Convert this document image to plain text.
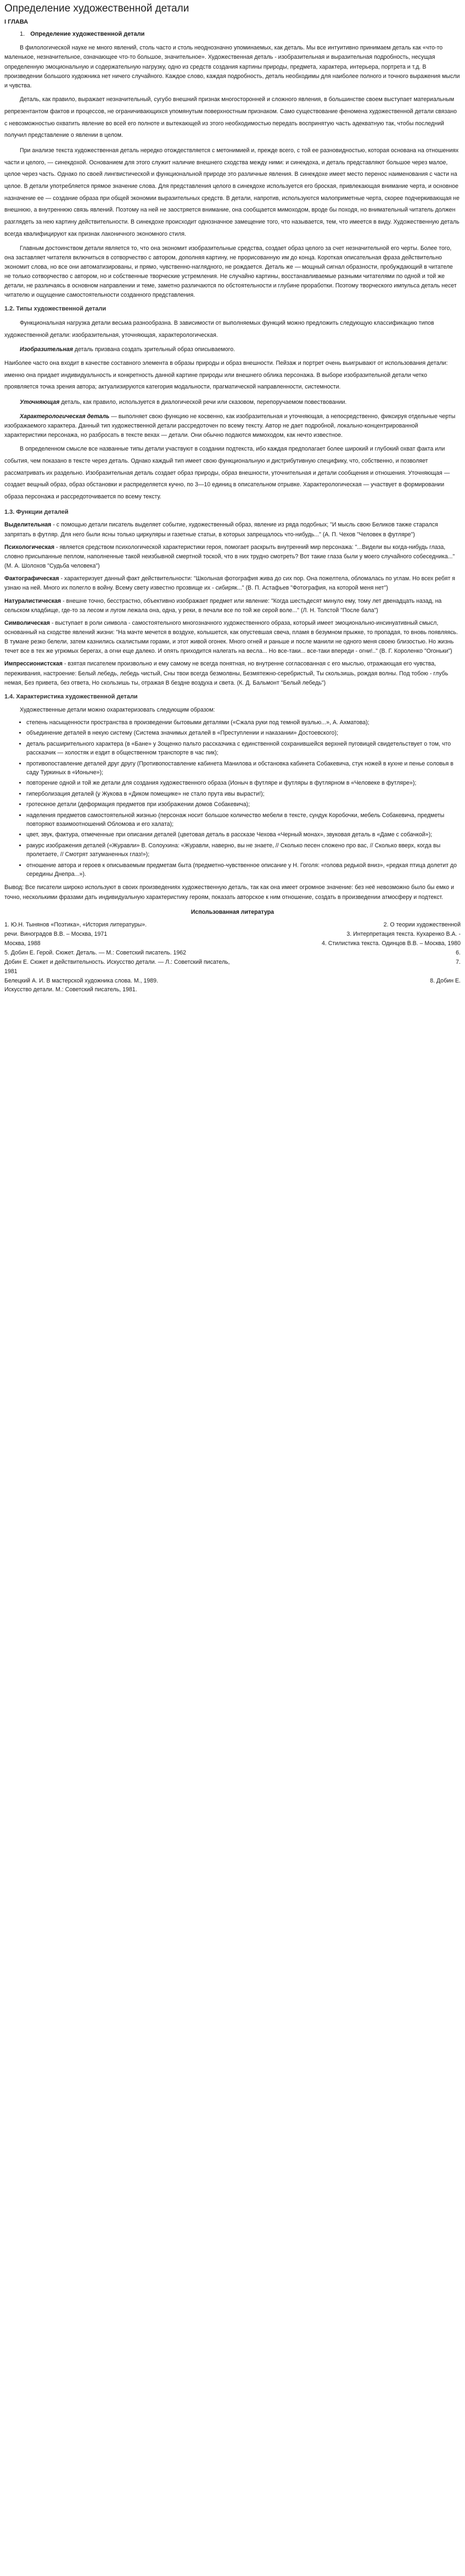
Определение художественной детали
I ГЛАВА
1. Определение художественной детали

В филологической науке не много явлений, столь часто и столь неоднозначно упоминаемых, как деталь. Мы все интуитивно принимаем деталь как «что-то маленькое, незначительное, означающее что-то большое, значительное». Художественная деталь - изобразительная и выразительная подробность, несущая определенную эмоциональную и содержательную нагрузку, одно из средств создания картины природы, предмета, характера, интерьера, портрета и т.д. В произведении большого художника нет ничего случайного. Каждое слово, каждая подробность, деталь необходимы для наиболее полного и точного выражения мысли и чувства.

Деталь, как правило, выражает незначительный, сугубо внешний признак многосторонней и сложного явления, в большинстве своем выступает материальным репрезентантом фактов и процессов, не ограничивающихся упомянутым поверхностным признаком. Само существование феномена художественной детали связано с невозможностью охватить явление во всей его полноте и вытекающей из этого необходимостью передать воспринятую часть адекватную так, чтобы последний получил представление о явлении в целом.

При анализе текста художественная деталь нередко отождествляется с метонимией и, прежде всего, с той ее разновидностью, которая основана на отношениях части и целого, — синекдохой. Основанием для этого служит наличие внешнего сходства между ними: и синекдоха, и деталь представляют большое через малое, целое через часть. Однако по своей лингвистической и функциональной природе это различные явления. В синекдохе имеет место перенос наименования с части на целое. В детали употребляется прямое значение слова. Для представления целого в синекдохе используется его броская, привлекающая внимание черта, и основное назначение ее — создание образа при общей экономии выразительных средств. В детали, напротив, используются малоприметные черта, скорее подчеркивающая не внешнюю, а внутреннюю связь явлений. Поэтому на ней не заостряется внимание, она сообщается мимоходом, вроде бы походя, но внимательный читатель должен разглядеть за нею картину действительности. В синекдохе происходит однозначное замещение того, что называется, тем, что имеется в виду. Художественную деталь всегда квалифицируют как признак лаконичного экономного стиля.

Главным достоинством детали является то, что она экономит изобразительные средства, создает образ целого за счет незначительной его черты. Более того, она заставляет читателя включиться в сотворчество с автором, дополняя картину, не прорисованную им до конца. Короткая описательная фраза действительно экономит слова, но все они автоматизированы, и прямо, чувственно-наглядного, не рождается. Деталь же — мощный сигнал образности, пробуждающий в читателе не только сотворчество с автором, но и собственные творческие устремления. Не случайно картины, восстанавливаемые разными читателями по одной и той же детали, не различаясь в основном направлении и теме, заметно различаются по обстоятельности и глубине проработки. Поэтому творческого импульса деталь несет читателю и ощущение самостоятельности созданного представления.

1.2. Типы художественной детали

Функциональная нагрузка детали весьма разнообразна. В зависимости от выполняемых функций можно предложить следующую классификацию типов художественной детали: изобразительная, уточняющая, характерологическая.

Изобразительная деталь призвана создать зрительный образ описываемого.

Наиболее часто она входит в качестве составного элемента в образы природы и образ внешности. Пейзаж и портрет очень выигрывают от использования детали: именно она придает индивидуальность и конкретность данной картине природы или внешнего облика персонажа. В выборе изобразительной детали четко проявляется точка зрения автора; актуализируются категория модальности, прагматической направленности, системности.

Уточняющая деталь, как правило, используется в диалогической речи или сказовом, перепоручаемом повествовании.

Характерологическая деталь — выполняет свою функцию не косвенно, как изобразительная и уточняющая, а непосредственно, фиксируя отдельные черты изображаемого характера. Данный тип художественной детали рассредоточен по всему тексту. Автор не дает подробной, локально-концентрированной характеристики персонажа, но разбросать в тексте вехах — детали. Они обычно подаются мимоходом, как нечто известное.

В определенном смысле все названные типы детали участвуют в создании подтекста, ибо каждая предполагает более широкий и глубокий охват факта или события, чем показано в тексте через деталь. Однако каждый тип имеет свою функциональную и дистрибутивную специфику, что, собственно, и позволяет рассматривать их раздельно. Изобразительная деталь создает образ природы, образ внешности, уточнительная и детали сообщения и отношения. Уточняющая — создает вещный образ, образ обстановки и распределяется кучно, по 3—10 единиц в описательном отрывке. Характерологическая — участвует в формировании образа персонажа и рассредоточивается по всему тексту.

1.3. Функции деталей

Выделительная - с помощью детали писатель выделяет событие, художественный образ, явление из ряда подобных; "И мысль свою Беликов также старался запрятать в футляр. Для него были ясны только циркуляры и газетные статьи, в которых запрещалось что-нибудь..." (А. П. Чехов "Человек в футляре")

Психологическая - является средством психологической характеристики героя, помогает раскрыть внутренний мир персонажа: "...Видели вы когда-нибудь глаза, словно присыпанные пеплом, наполненные такой неизбывной смертной тоской, что в них трудно смотреть? Вот такие глаза были у моего случайного собеседника..." (М. А. Шолохов "Судьба человека")

Фактографическая - характеризует данный факт действительности: "Школьная фотография жива до сих пор. Она пожелтела, обломалась по углам. Но всех ребят я узнаю на ней. Много их полегло в войну. Всему свету известно прозвище их - сибиряк..." (В. П. Астафьев "Фотография, на которой меня нет")

Натуралистическая - внешне точно, бесстрастно, объективно изображает предмет или явление: "Когда шестьдесят минуло ему, тому лет двенадцать назад, на сельском кладбище, где-то за лесом и лугом лежала она, одна, у реки, в печали все по той же серой воле..." (Л. Н. Толстой "После бала")

Символическая - выступает в роли символа - самостоятельного многозначного художественного образа, который имеет эмоционально-инсинуативный смысл, основанный на сходстве явлений жизни: "На мачте мечется в воздухе, колышется, как опустевшая свеча, пламя в безумном прыжке, то пропадая, то вновь появляясь. В тумане резко белели, затем казнились скалистыми горами, и этот живой огонек. Много огней и раньше и после манили не одного меня своею близостью. Но жизнь течет все в тех же угрюмых берегах, а огни еще далеко. И опять приходится налегать на весла... Но все-таки... все-таки впереди - огни!.." (В. Г. Короленко "Огоньки")

Импрессионистская - взятая писателем произвольно и ему самому не всегда понятная, но внутренне согласованная с его мыслью, отражающая его чувства, переживания, настроение: Белый лебедь, лебедь чистый, Сны твои всегда безмолвны, Безмятежно-серебристый, Ты скользишь, рождая волны. Под тобою - глубь немая, Без привета, без ответа, Но скользишь ты, отражая В бездне воздуха и света. (К. Д. Бальмонт "Белый лебедь")

1.4. Характеристика художественной детали

Художественные детали можно охарактеризовать следующим образом:

• степень насыщенности пространства в произведении бытовыми деталями («Сжала руки под темной вуалью...», А. Ахматова);
• объединение деталей в некую систему (Система значимых деталей в «Преступлении и наказании» Достоевского);
• деталь расширительного характера (в «Бане» у Зощенко пальто рассказчика с единственной сохранившейся верхней пуговицей свидетельствует о том, что рассказчик — холостяк и ездит в общественном транспорте в час пик);
• противопоставление деталей друг другу (Противопоставление кабинета Манилова и обстановка кабинета Собакевича, стук ножей в кухне и пенье соловья в саду Туркиных в «Ионыче»);
• повторение одной и той же детали для создания художественного образа (Ионыч в футляре и футляры в футлярном в «Человеке в футляре»);
• гиперболизация деталей (у Жукова в «Диком помещике» не стало прута ивы вырасти!);
• гротескное детали (деформация предметов при изображении домов Собакевича);
• наделения предметов самостоятельной жизнью (персонаж носит большое количество мебели в тексте, сундук Коробочки, мебель Собакевича, предметы повторяют взаимоотношений Обломова и его халата);
• цвет, звук, фактура, отмеченные при описании деталей (цветовая деталь в рассказе Чехова «Черный монах», звуковая деталь в «Даме с собачкой»);
• ракурс изображения деталей («Журавли» В. Солоухина: «Журавли, наверно, вы не знаете, // Сколько песен сложено про вас, // Сколько вверх, когда вы пролетаете, // Смотрят затуманенных глаз!»);
• отношение автора и героев к описываемым предметам бытa (предметно-чувственное описание у Н. Гоголя: «голова редькой вниз», «редкая птица долетит до середины Днепра...»).

Вывод: Все писатели широко используют в своих произведениях художественную деталь, так как она имеет огромное значение: без неё невозможно было бы емко и точно, несколькими фразами дать индивидуальную характеристику героям, показать авторское к ним отношение, создать в произведении атмосферу и подтекст.

Использованная литература
1. Ю.Н. Тынянов «Поэтика», «История литературы».	2. О теории художественной
речи. Виноградов В.В. – Москва, 1971	3. Интерпретация текста. Кухаренко В.А. -
Москва, 1988	4. Стилистика текста. Одинцов В.В. – Москва, 1980
5. Добин Е. Герой. Сюжет. Деталь. — М.: Советский писатель. 1962	6.
Добин Е. Сюжет и действительность. Искусство детали. — Л.: Советский писатель,	7.
1981
Белецкий А. И. В мастерской художника слова. М., 1989.	8. Добин Е.
Искусство детали. М.: Советский писатель, 1981.
